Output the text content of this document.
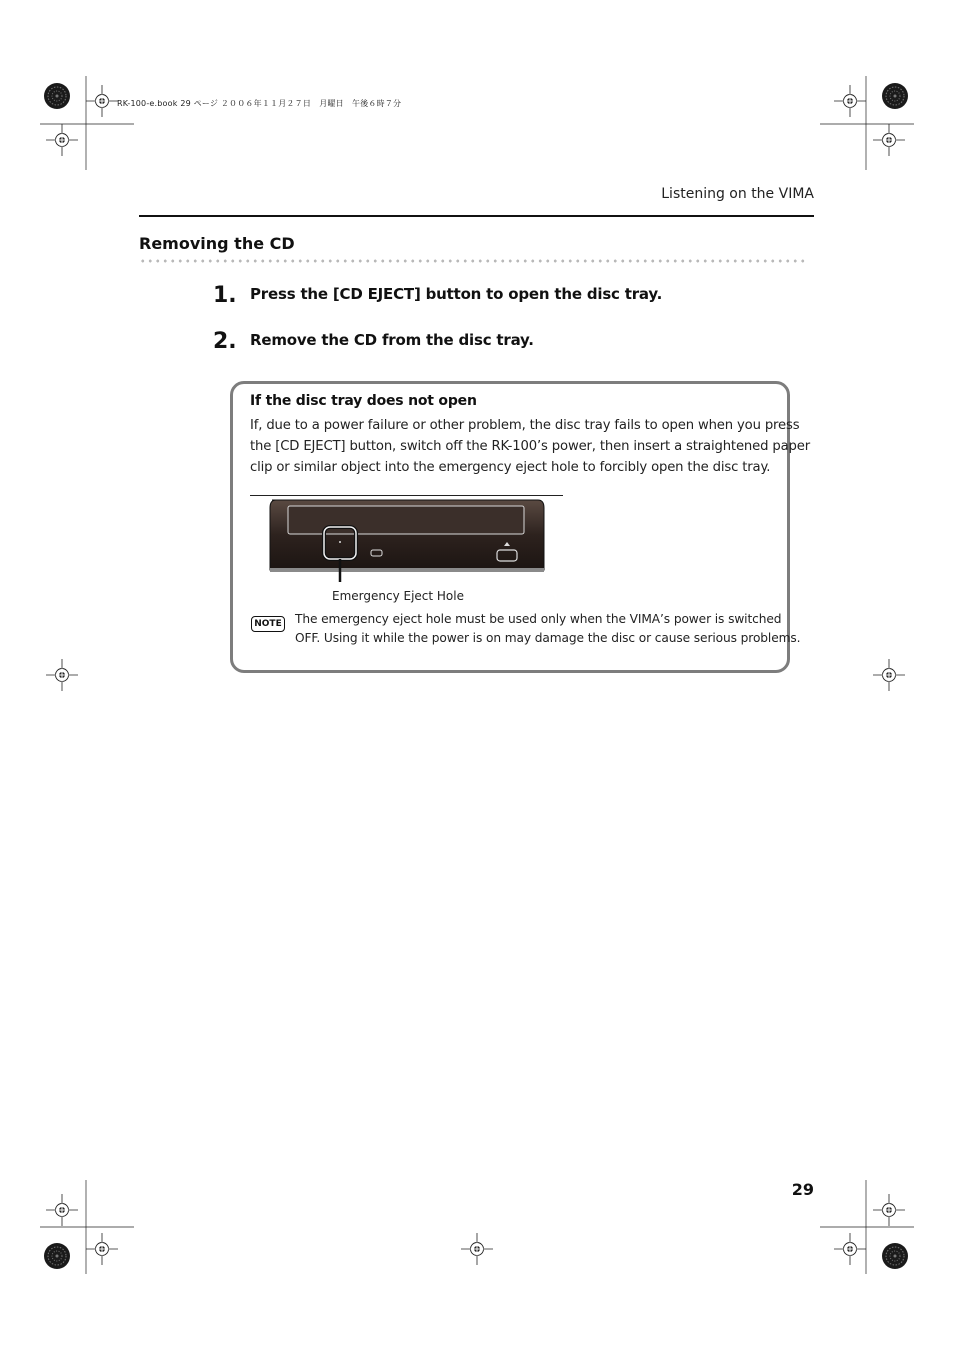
RK-100-e.book 29 ページ ２００６年１１月２７日　月曜日　午後６時７分
Listening on the VIMA
Removing the CD
1. Press the [CD EJECT] button to open the disc tray.
2. Remove the CD from the disc tray.
If the disc tray does not open
If, due to a power failure or other problem, the disc tray fails to open when you press
the [CD EJECT] button, switch off the RK-100’s power, then insert a straightened paper
clip or similar object into the emergency eject hole to forcibly open the disc tray.
Emergency Eject Hole
NOTE The emergency eject hole must be used only when the VIMA’s power is switched
OFF. Using it while the power is on may damage the disc or cause serious problems.
29
